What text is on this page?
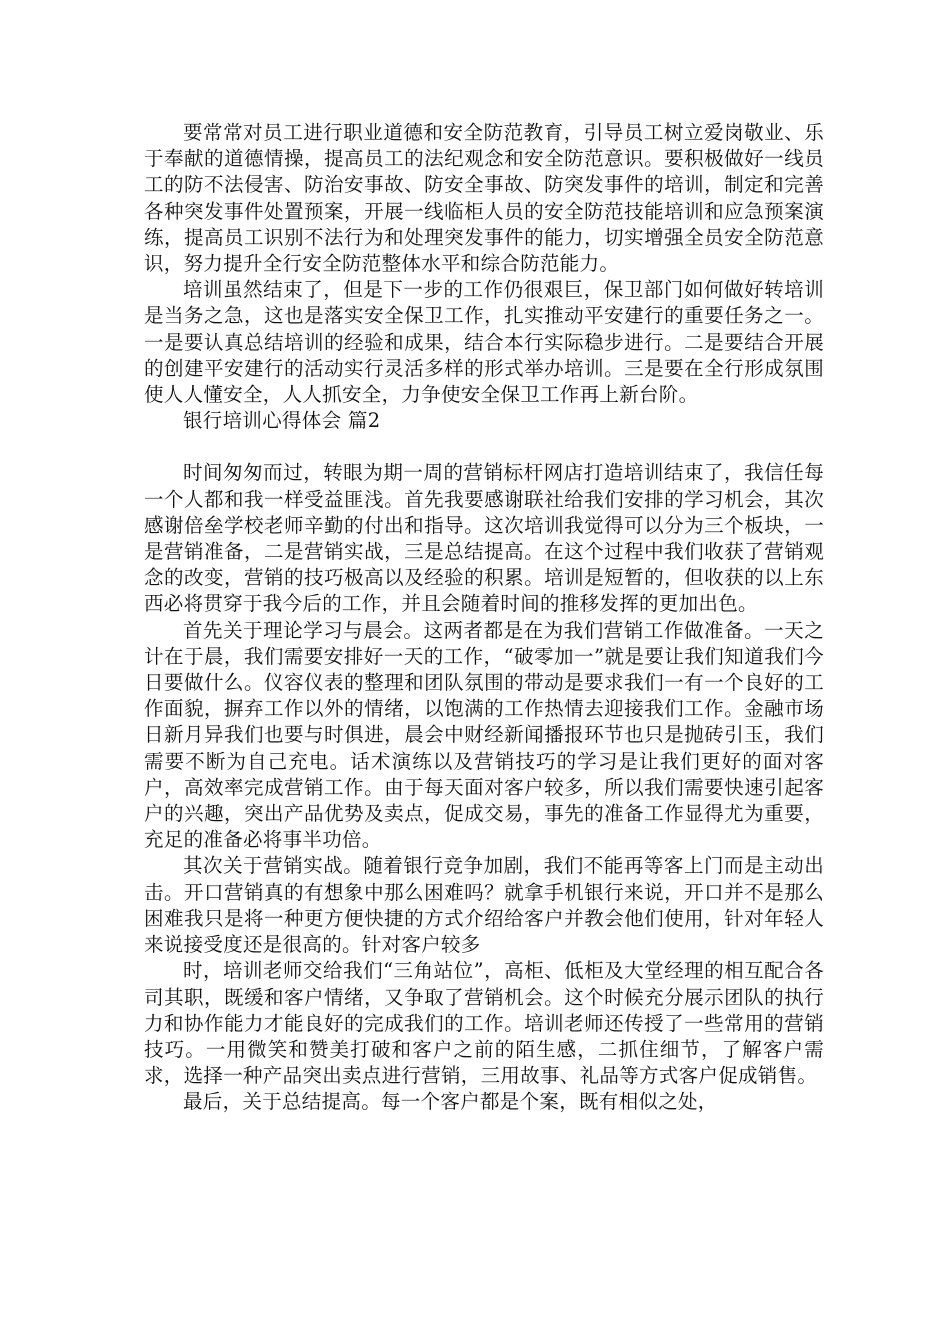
要常常对员工进行职业道德和安全防范教育，引导员工树立爱岗敬业、乐于奉献的道德情操，提高员工的法纪观念和安全防范意识。要积极做好一线员工的防不法侵害、防治安事故、防安全事故、防突发事件的培训，制定和完善各种突发事件处置预案，开展一线临柜人员的安全防范技能培训和应急预案演练，提高员工识别不法行为和处理突发事件的能力，切实增强全员安全防范意识，努力提升全行安全防范整体水平和综合防范能力。

培训虽然结束了，但是下一步的工作仍很艰巨，保卫部门如何做好转培训是当务之急，这也是落实安全保卫工作，扎实推动平安建行的重要任务之一。一是要认真总结培训的经验和成果，结合本行实际稳步进行。二是要结合开展的创建平安建行的活动实行灵活多样的形式举办培训。三是要在全行形成氛围使人人懂安全，人人抓安全，力争使安全保卫工作再上新台阶。

银行培训心得体会 篇2

时间匆匆而过，转眼为期一周的营销标杆网店打造培训结束了，我信任每一个人都和我一样受益匪浅。首先我要感谢联社给我们安排的学习机会，其次感谢倍垒学校老师辛勤的付出和指导。这次培训我觉得可以分为三个板块，一是营销准备，二是营销实战，三是总结提高。在这个过程中我们收获了营销观念的改变，营销的技巧极高以及经验的积累。培训是短暂的，但收获的以上东西必将贯穿于我今后的工作，并且会随着时间的推移发挥的更加出色。

首先关于理论学习与晨会。这两者都是在为我们营销工作做准备。一天之计在于晨，我们需要安排好一天的工作，“破零加一”就是要让我们知道我们今日要做什么。仪容仪表的整理和团队氛围的带动是要求我们一有一个良好的工作面貌，摒弃工作以外的情绪，以饱满的工作热情去迎接我们工作。金融市场日新月异我们也要与时俱进，晨会中财经新闻播报环节也只是抛砖引玉，我们需要不断为自己充电。话术演练以及营销技巧的学习是让我们更好的面对客户，高效率完成营销工作。由于每天面对客户较多，所以我们需要快速引起客户的兴趣，突出产品优势及卖点，促成交易，事先的准备工作显得尤为重要，充足的准备必将事半功倍。

其次关于营销实战。随着银行竞争加剧，我们不能再等客上门而是主动出击。开口营销真的有想象中那么困难吗？就拿手机银行来说，开口并不是那么困难我只是将一种更方便快捷的方式介绍给客户并教会他们使用，针对年轻人来说接受度还是很高的。针对客户较多

时，培训老师交给我们“三角站位”，高柜、低柜及大堂经理的相互配合各司其职，既缓和客户情绪，又争取了营销机会。这个时候充分展示团队的执行力和协作能力才能良好的完成我们的工作。培训老师还传授了一些常用的营销技巧。一用微笑和赞美打破和客户之前的陌生感，二抓住细节，了解客户需求，选择一种产品突出卖点进行营销，三用故事、礼品等方式客户促成销售。

最后，关于总结提高。每一个客户都是个案，既有相似之处，
